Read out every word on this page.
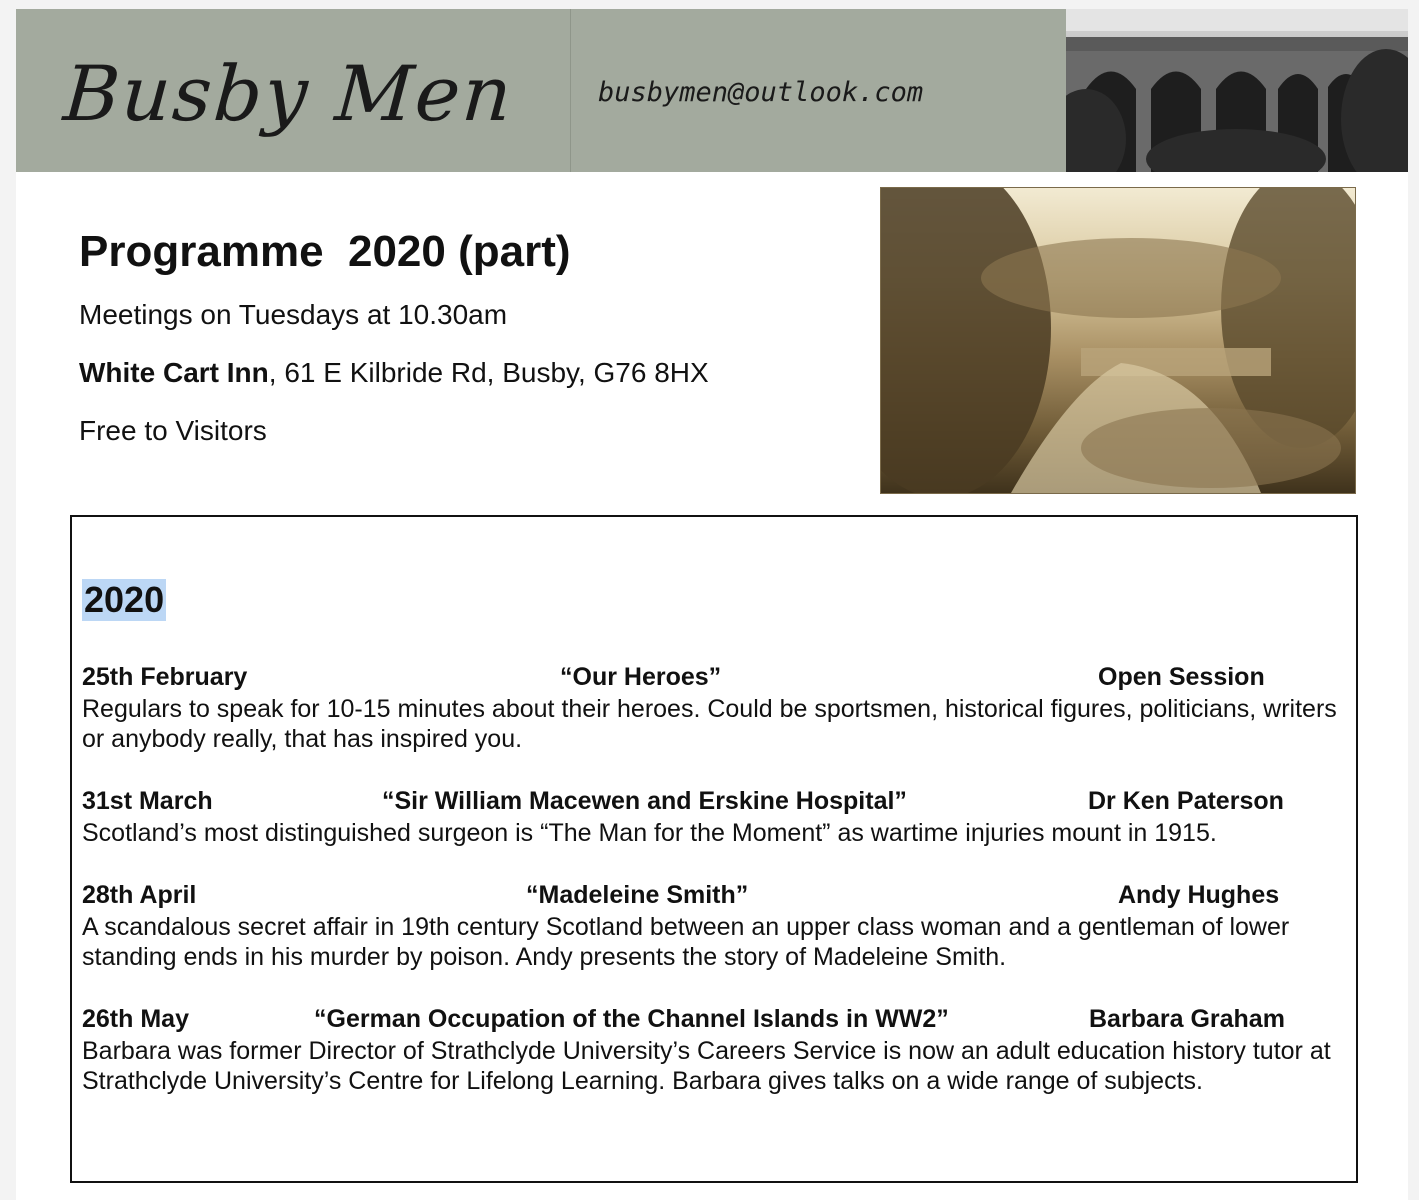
Busby Men	busbymen@outlook.com
Programme  2020 (part)
Meetings on Tuesdays at 10.30am
White Cart Inn, 61 E Kilbride Rd, Busby, G76 8HX
Free to Visitors
2020
25th February	“Our Heroes”	Open Session
Regulars to speak for 10-15 minutes about their heroes. Could be sportsmen, historical figures, politicians, writers or anybody really, that has inspired you.
31st March	“Sir William Macewen and Erskine Hospital”	Dr Ken Paterson
Scotland’s most distinguished surgeon is “The Man for the Moment” as wartime injuries mount in 1915.
28th April	“Madeleine Smith”	Andy Hughes
A scandalous secret affair in 19th century Scotland between an upper class woman and a gentleman of lower standing ends in his murder by poison. Andy presents the story of Madeleine Smith.
26th May	“German Occupation of the Channel Islands in WW2”	Barbara Graham
Barbara was former Director of Strathclyde University’s Careers Service is now an adult education history tutor at Strathclyde University’s Centre for Lifelong Learning. Barbara gives talks on a wide range of subjects.
